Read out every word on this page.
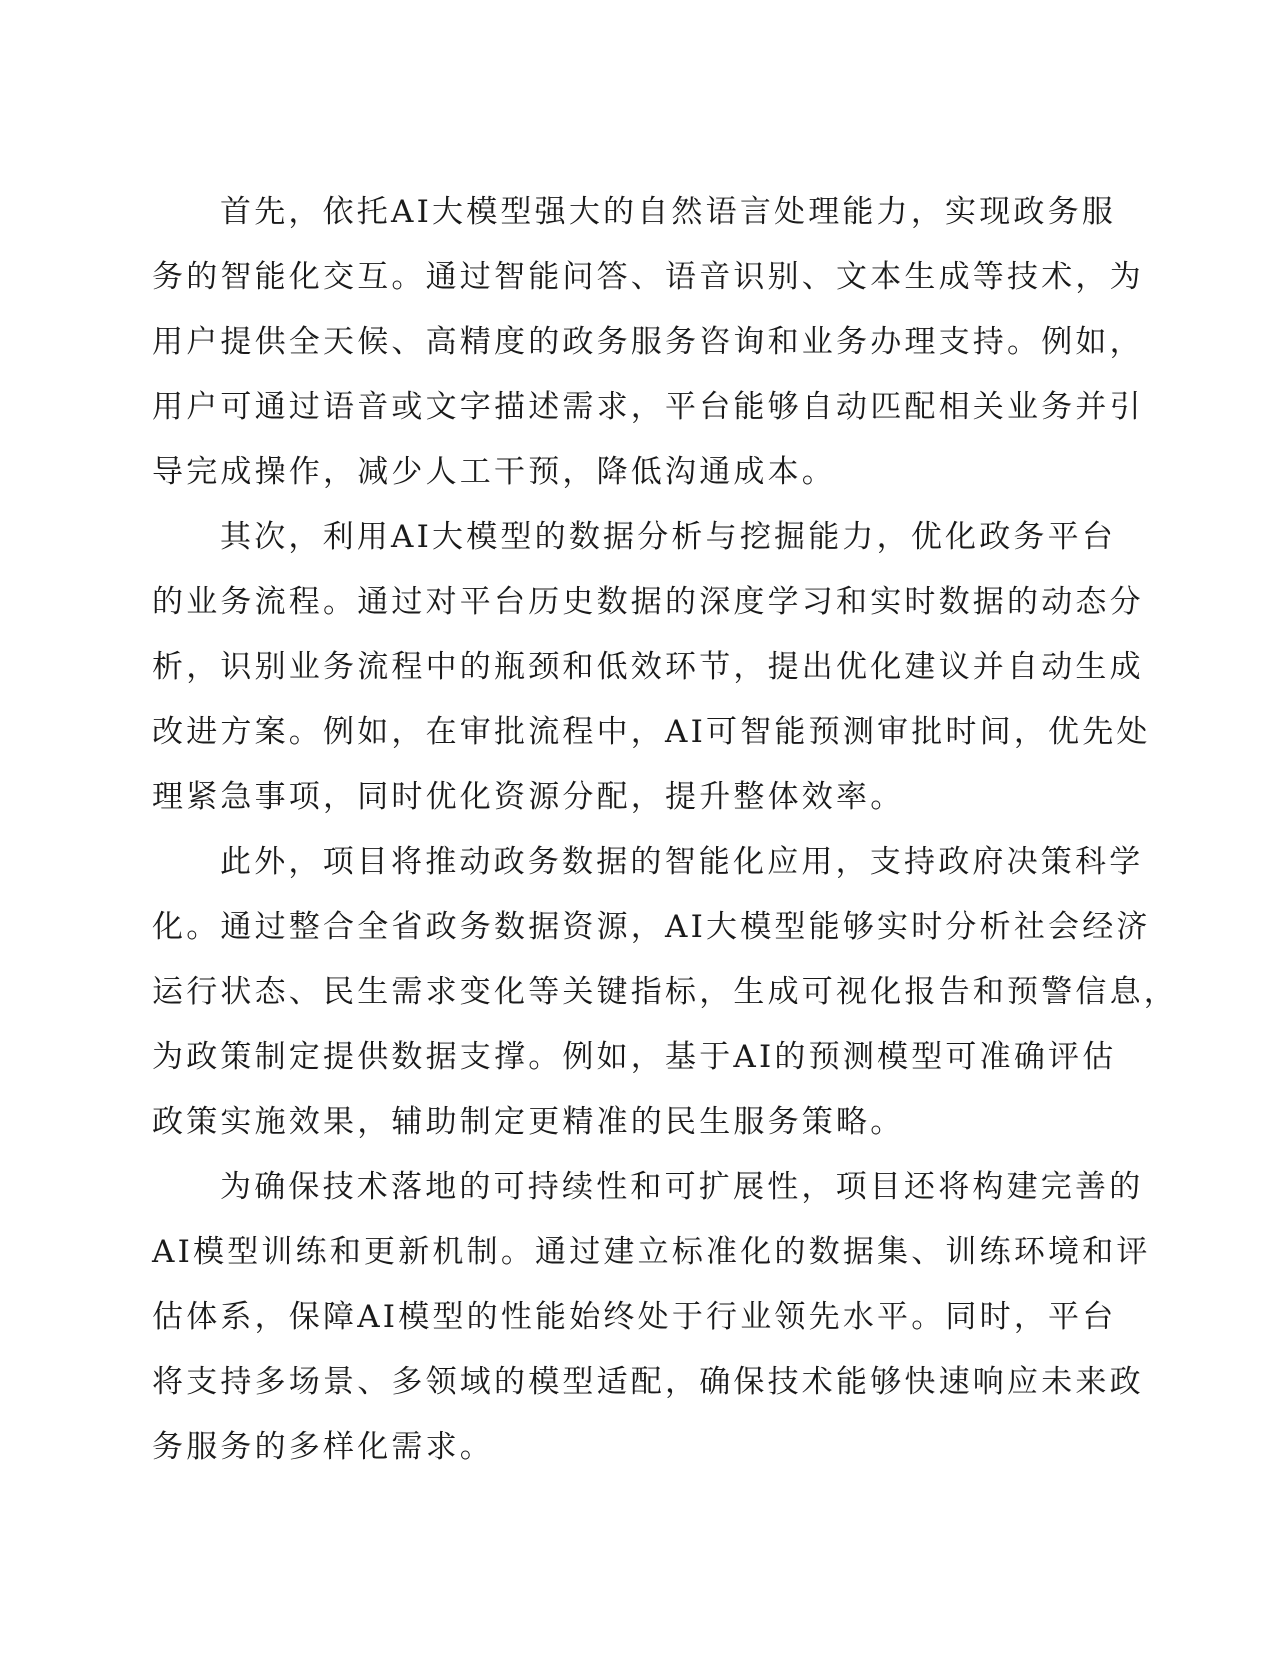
首先，依托AI大模型强大的自然语言处理能力，实现政务服
务的智能化交互。通过智能问答、语音识别、文本生成等技术，为
用户提供全天候、高精度的政务服务咨询和业务办理支持。例如，
用户可通过语音或文字描述需求，平台能够自动匹配相关业务并引
导完成操作，减少人工干预，降低沟通成本。

其次，利用AI大模型的数据分析与挖掘能力，优化政务平台
的业务流程。通过对平台历史数据的深度学习和实时数据的动态分
析，识别业务流程中的瓶颈和低效环节，提出优化建议并自动生成
改进方案。例如，在审批流程中，AI可智能预测审批时间，优先处
理紧急事项，同时优化资源分配，提升整体效率。

此外，项目将推动政务数据的智能化应用，支持政府决策科学
化。通过整合全省政务数据资源，AI大模型能够实时分析社会经济
运行状态、民生需求变化等关键指标，生成可视化报告和预警信息，
为政策制定提供数据支撑。例如，基于AI的预测模型可准确评估
政策实施效果，辅助制定更精准的民生服务策略。

为确保技术落地的可持续性和可扩展性，项目还将构建完善的
AI模型训练和更新机制。通过建立标准化的数据集、训练环境和评
估体系，保障AI模型的性能始终处于行业领先水平。同时，平台
将支持多场景、多领域的模型适配，确保技术能够快速响应未来政
务服务的多样化需求。
